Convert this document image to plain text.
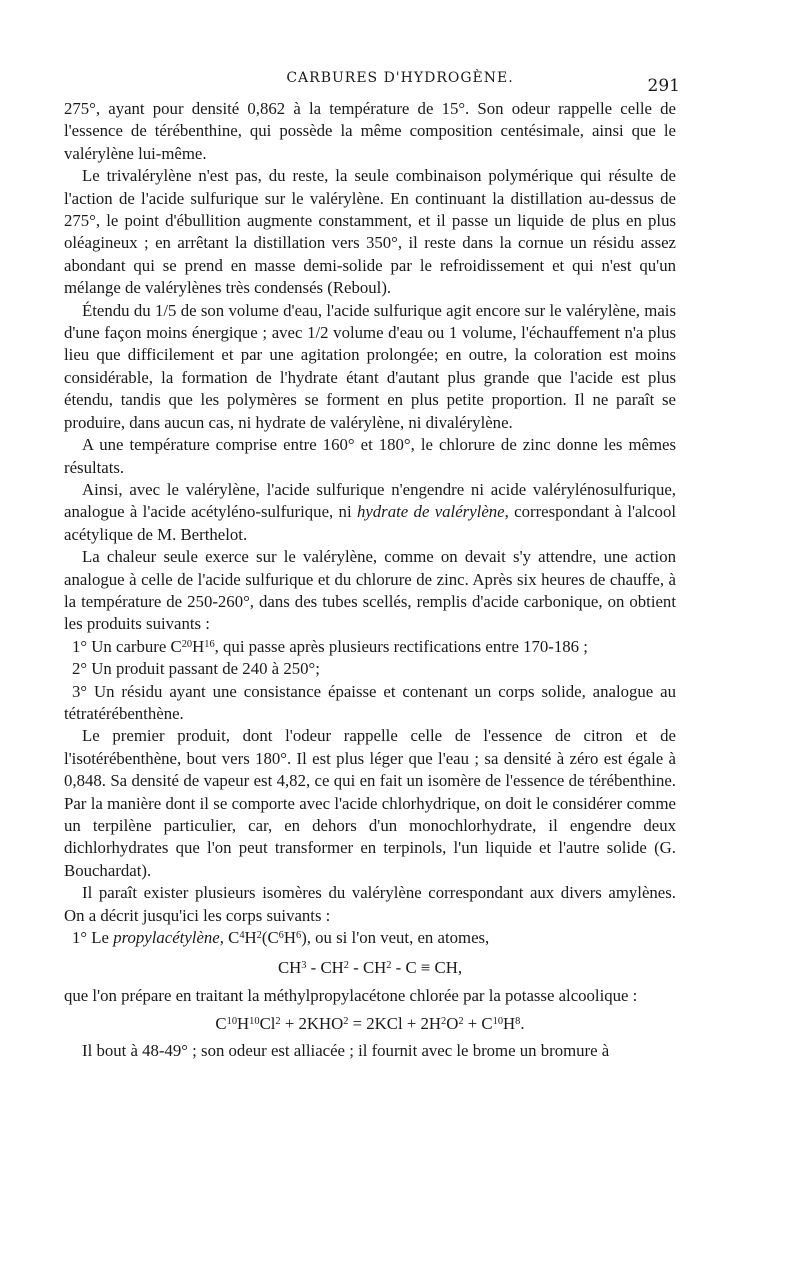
CARBURES D'HYDROGÈNE.	291

275°, ayant pour densité 0,862 à la température de 15°. Son odeur rappelle celle de l'essence de térébenthine, qui possède la même composition centésimale, ainsi que le valérylène lui-même.

Le trivalérylène n'est pas, du reste, la seule combinaison polymérique qui résulte de l'action de l'acide sulfurique sur le valérylène. En continuant la distillation au-dessus de 275°, le point d'ébullition augmente constamment, et il passe un liquide de plus en plus oléagineux ; en arrêtant la distillation vers 350°, il reste dans la cornue un résidu assez abondant qui se prend en masse demi-solide par le refroidissement et qui n'est qu'un mélange de valérylènes très condensés (Reboul).

Étendu du 1/5 de son volume d'eau, l'acide sulfurique agit encore sur le valérylène, mais d'une façon moins énergique ; avec 1/2 volume d'eau ou 1 volume, l'échauffement n'a plus lieu que difficilement et par une agitation prolongée; en outre, la coloration est moins considérable, la formation de l'hydrate étant d'autant plus grande que l'acide est plus étendu, tandis que les polymères se forment en plus petite proportion. Il ne paraît se produire, dans aucun cas, ni hydrate de valérylène, ni divalérylène.

A une température comprise entre 160° et 180°, le chlorure de zinc donne les mêmes résultats.

Ainsi, avec le valérylène, l'acide sulfurique n'engendre ni acide valérylénosulfurique, analogue à l'acide acétyléno-sulfurique, ni hydrate de valérylène, correspondant à l'alcool acétylique de M. Berthelot.

La chaleur seule exerce sur le valérylène, comme on devait s'y attendre, une action analogue à celle de l'acide sulfurique et du chlorure de zinc. Après six heures de chauffe, à la température de 250-260°, dans des tubes scellés, remplis d'acide carbonique, on obtient les produits suivants :

1° Un carbure $C^{20}H^{16}$, qui passe après plusieurs rectifications entre 170-186 ;

2° Un produit passant de 240 à 250°;

3° Un résidu ayant une consistance épaisse et contenant un corps solide, analogue au tétratérébenthène.

Le premier produit, dont l'odeur rappelle celle de l'essence de citron et de l'isotérébenthène, bout vers 180°. Il est plus léger que l'eau ; sa densité à zéro est égale à 0,848. Sa densité de vapeur est 4,82, ce qui en fait un isomère de l'essence de térébenthine. Par la manière dont il se comporte avec l'acide chlorhydrique, on doit le considérer comme un terpilène particulier, car, en dehors d'un monochlorhydrate, il engendre deux dichlorhydrates que l'on peut transformer en terpinols, l'un liquide et l'autre solide (G. Bouchardat).

Il paraît exister plusieurs isomères du valérylène correspondant aux divers amylènes. On a décrit jusqu'ici les corps suivants :

1° Le propylacétylène, $C^4H^2(C^6H^6)$, ou si l'on veut, en atomes,

$CH^3 - CH^2 - CH^2$ - C ≡ CH,

que l'on prépare en traitant la méthylpropylacétone chlorée par la potasse alcoolique :

$C^{10}H^{10}Cl^2 + 2KHO^2 = 2KCl + 2H^2O^2 + C^{10}H^8$.

Il bout à 48-49° ; son odeur est alliacée ; il fournit avec le brome un bromure à
